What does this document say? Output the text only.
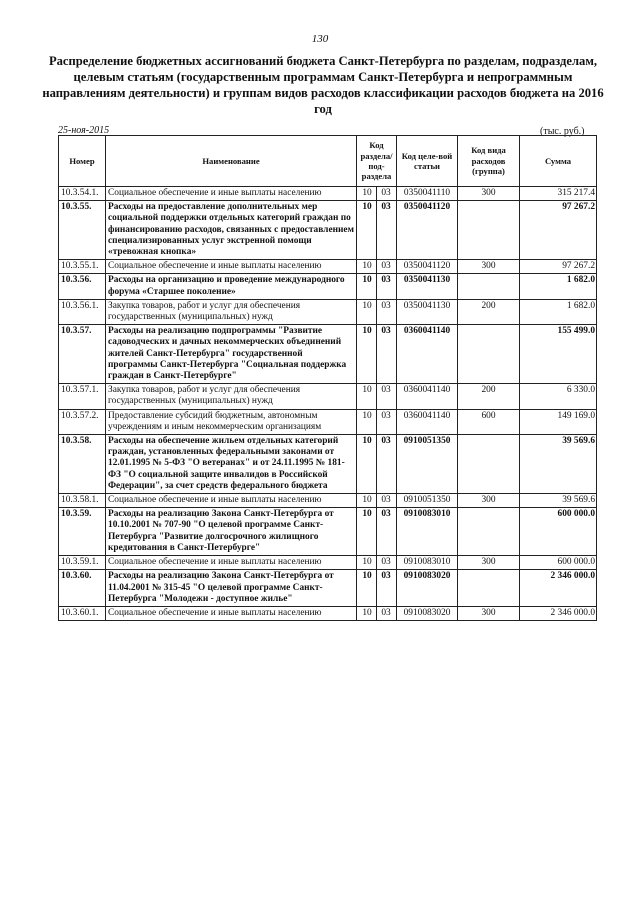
130
Распределение бюджетных ассигнований бюджета Санкт-Петербурга по разделам, подразделам, целевым статьям (государственным программам Санкт-Петербурга и непрограммным направлениям деятельности) и группам видов расходов классификации расходов бюджета на 2016 год
25-ноя-2015	(тыс. руб.)
Номер	Наименование	Код раздела/ под-раздела		Код целе-вой статьи	Код вида расходов (группа)	Сумма
10.3.54.1.	Социальное обеспечение и иные выплаты населению	10	03	0350041110	300	315 217.4
10.3.55.	Расходы на предоставление дополнительных мер социальной поддержки отдельных категорий граждан по финансированию расходов, связанных с предоставлением специализированных услуг экстренной помощи «тревожная кнопка»	10	03	0350041120		97 267.2
10.3.55.1.	Социальное обеспечение и иные выплаты населению	10	03	0350041120	300	97 267.2
10.3.56.	Расходы на организацию и проведение международного форума «Старшее поколение»	10	03	0350041130		1 682.0
10.3.56.1.	Закупка товаров, работ и услуг для обеспечения государственных (муниципальных) нужд	10	03	0350041130	200	1 682.0
10.3.57.	Расходы на реализацию подпрограммы "Развитие садоводческих и дачных некоммерческих объединений жителей Санкт-Петербурга" государственной программы Санкт-Петербурга "Социальная поддержка граждан в Санкт-Петербурге"	10	03	0360041140		155 499.0
10.3.57.1.	Закупка товаров, работ и услуг для обеспечения государственных (муниципальных) нужд	10	03	0360041140	200	6 330.0
10.3.57.2.	Предоставление субсидий бюджетным, автономным учреждениям и иным некоммерческим организациям	10	03	0360041140	600	149 169.0
10.3.58.	Расходы на обеспечение жильем отдельных категорий граждан, установленных федеральными законами от 12.01.1995 № 5-ФЗ "О ветеранах" и от 24.11.1995 № 181-ФЗ "О социальной защите инвалидов в Российской Федерации", за счет средств федерального бюджета	10	03	0910051350		39 569.6
10.3.58.1.	Социальное обеспечение и иные выплаты населению	10	03	0910051350	300	39 569.6
10.3.59.	Расходы на реализацию Закона Санкт-Петербурга от 10.10.2001 № 707-90 "О целевой программе Санкт-Петербурга "Развитие долгосрочного жилищного кредитования в Санкт-Петербурге"	10	03	0910083010		600 000.0
10.3.59.1.	Социальное обеспечение и иные выплаты населению	10	03	0910083010	300	600 000.0
10.3.60.	Расходы на реализацию Закона Санкт-Петербурга от 11.04.2001 № 315-45 "О целевой программе Санкт-Петербурга "Молодежи - доступное жилье"	10	03	0910083020		2 346 000.0
10.3.60.1.	Социальное обеспечение и иные выплаты населению	10	03	0910083020	300	2 346 000.0
